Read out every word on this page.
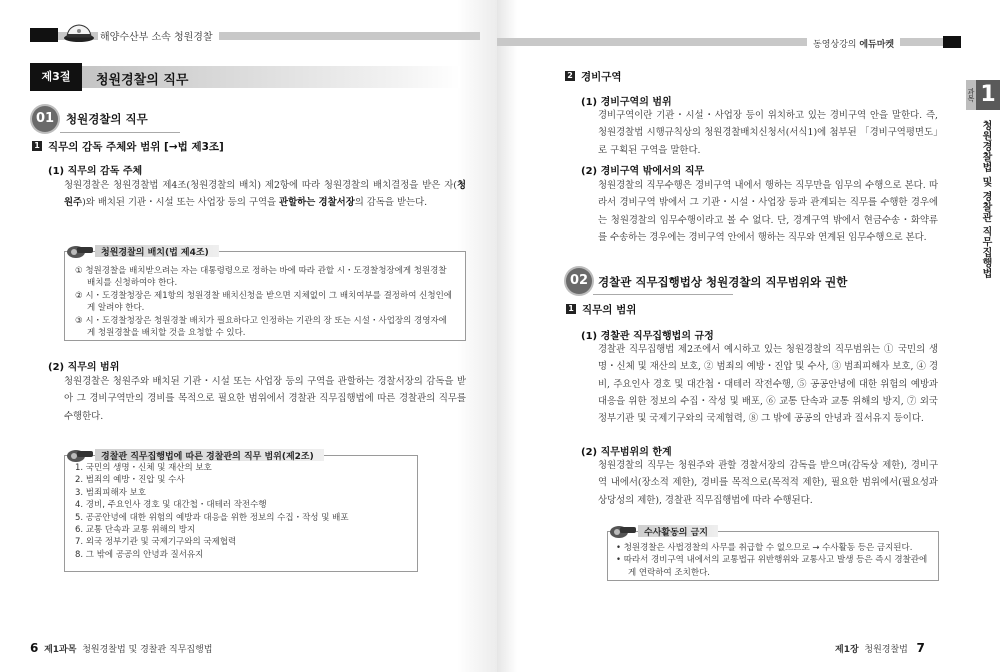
해양수산부 소속 청원경찰
제3절	청원경찰의 직무
01	청원경찰의 직무
1 직무의 감독 주체와 범위 [→법 제3조]
(1) 직무의 감독 주체
청원경찰은 청원경찰법 제4조(청원경찰의 배치) 제2항에 따라 청원경찰의 배치결정을 받은 자(청원주)와 배치된 기관・시설 또는 사업장 등의 구역을 관할하는 경찰서장의 감독을 받는다.
청원경찰의 배치(법 제4조)
① 청원경찰을 배치받으려는 자는 대통령령으로 정하는 바에 따라 관할 시・도경찰청장에게 청원경찰 배치를 신청하여야 한다.
② 시・도경찰청장은 제1항의 청원경찰 배치신청을 받으면 지체없이 그 배치여부를 결정하여 신청인에게 알려야 한다.
③ 시・도경찰청장은 청원경찰 배치가 필요하다고 인정하는 기관의 장 또는 시설・사업장의 경영자에게 청원경찰을 배치할 것을 요청할 수 있다.
(2) 직무의 범위
청원경찰은 청원주와 배치된 기관・시설 또는 사업장 등의 구역을 관할하는 경찰서장의 감독을 받아 그 경비구역만의 경비를 목적으로 필요한 범위에서 경찰관 직무집행법에 따른 경찰관의 직무를 수행한다.
경찰관 직무집행법에 따른 경찰관의 직무 범위(제2조)
1. 국민의 생명・신체 및 재산의 보호
2. 범죄의 예방・진압 및 수사
3. 범죄피해자 보호
4. 경비, 주요인사 경호 및 대간첩・대테러 작전수행
5. 공공안녕에 대한 위험의 예방과 대응을 위한 정보의 수집・작성 및 배포
6. 교통 단속과 교통 위해의 방지
7. 외국 정부기관 및 국제기구와의 국제협력
8. 그 밖에 공공의 안녕과 질서유지
6 제1과목 청원경찰법 및 경찰관 직무집행법
동영상강의 에듀마켓
2 경비구역
(1) 경비구역의 범위
경비구역이란 기관・시설・사업장 등이 위치하고 있는 경비구역 안을 말한다. 즉, 청원경찰법 시행규칙상의 청원경찰배치신청서(서식1)에 첨부된 「경비구역평면도」로 구획된 구역을 말한다.
(2) 경비구역 밖에서의 직무
청원경찰의 직무수행은 경비구역 내에서 행하는 직무만을 임무의 수행으로 본다. 따라서 경비구역 밖에서 그 기관・시설・사업장 등과 관계되는 직무를 수행한 경우에는 청원경찰의 임무수행이라고 볼 수 없다. 단, 경계구역 밖에서 현금수송・화약류를 수송하는 경우에는 경비구역 안에서 행하는 직무와 연계된 임무수행으로 본다.
02 경찰관 직무집행법상 청원경찰의 직무범위와 권한
1 직무의 범위
(1) 경찰관 직무집행법의 규정
경찰관 직무집행법 제2조에서 예시하고 있는 청원경찰의 직무범위는 ① 국민의 생명・신체 및 재산의 보호, ② 범죄의 예방・진압 및 수사, ③ 범죄피해자 보호, ④ 경비, 주요인사 경호 및 대간첩・대테러 작전수행, ⑤ 공공안녕에 대한 위험의 예방과 대응을 위한 정보의 수집・작성 및 배포, ⑥ 교통 단속과 교통 위해의 방지, ⑦ 외국 정부기관 및 국제기구와의 국제협력, ⑧ 그 밖에 공공의 안녕과 질서유지 등이다.
(2) 직무범위의 한계
청원경찰의 직무는 청원주와 관할 경찰서장의 감독을 받으며(감독상 제한), 경비구역 내에서(장소적 제한), 경비를 목적으로(목적적 제한), 필요한 범위에서(필요성과 상당성의 제한), 경찰관 직무집행법에 따라 수행된다.
수사활동의 금지
• 청원경찰은 사법경찰의 사무를 취급할 수 없으므로 → 수사활동 등은 금지된다.
• 따라서 경비구역 내에서의 교통법규 위반행위와 교통사고 발생 등은 즉시 경찰관에게 연락하여 조치한다.
과목 1
청원경찰법 및 경찰관 직무집행법
제1장 청원경찰법 7
